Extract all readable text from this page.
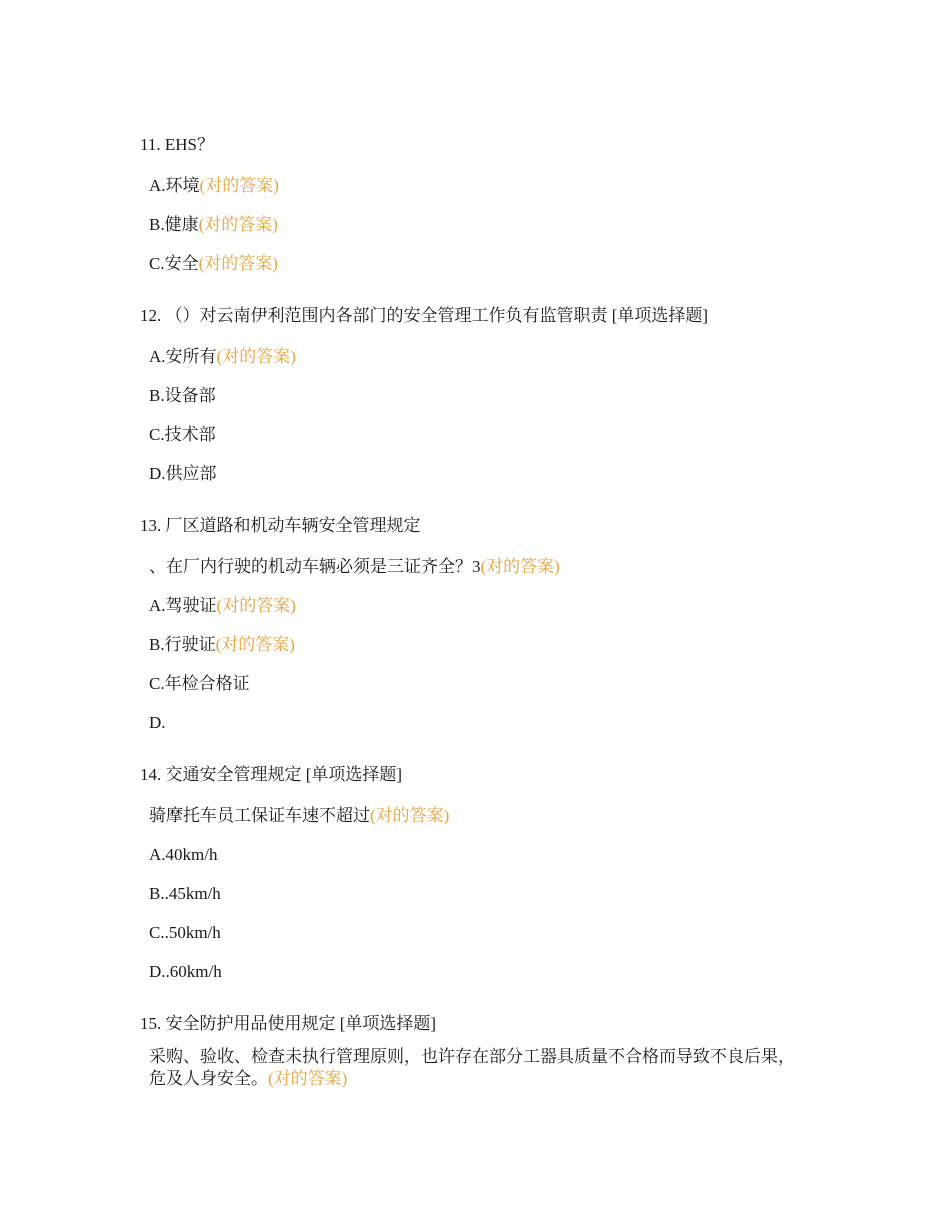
11. EHS？
A.环境(对的答案)
B.健康(对的答案)
C.安全(对的答案)
12. （）对云南伊利范围内各部门的安全管理工作负有监管职责 [单项选择题]
A.安所有(对的答案)
B.设备部
C.技术部
D.供应部
13. 厂区道路和机动车辆安全管理规定
、在厂内行驶的机动车辆必须是三证齐全？3(对的答案)
A.驾驶证(对的答案)
B.行驶证(对的答案)
C.年检合格证
D.
14. 交通安全管理规定 [单项选择题]
骑摩托车员工保证车速不超过(对的答案)
A.40km/h
B..45km/h
C..50km/h
D..60km/h
15. 安全防护用品使用规定 [单项选择题]
采购、验收、检查未执行管理原则，也许存在部分工器具质量不合格而导致不良后果，危及人身安全。(对的答案)
